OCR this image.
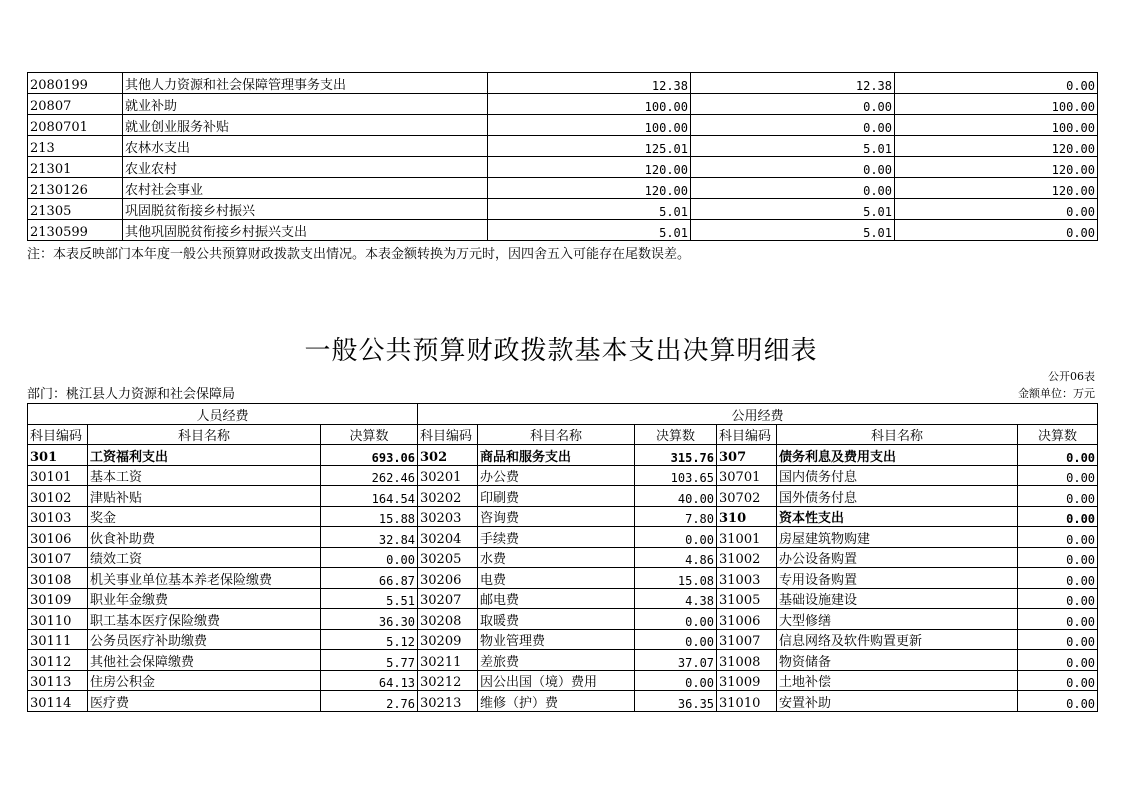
2080199	其他人力资源和社会保障管理事务支出	12.38	12.38	0.00
20807	就业补助	100.00	0.00	100.00
2080701	就业创业服务补贴	100.00	0.00	100.00
213	农林水支出	125.01	5.01	120.00
21301	农业农村	120.00	0.00	120.00
2130126	农村社会事业	120.00	0.00	120.00
21305	巩固脱贫衔接乡村振兴	5.01	5.01	0.00
2130599	其他巩固脱贫衔接乡村振兴支出	5.01	5.01	0.00
注：本表反映部门本年度一般公共预算财政拨款支出情况。本表金额转换为万元时，因四舍五入可能存在尾数误差。
一般公共预算财政拨款基本支出决算明细表
公开06表
部门：桃江县人力资源和社会保障局	金额单位：万元
人员经费			公用经费					
科目编码	科目名称	决算数	科目编码	科目名称	决算数	科目编码	科目名称	决算数
301	工资福利支出	693.06	302	商品和服务支出	315.76	307	债务利息及费用支出	0.00
30101	基本工资	262.46	30201	办公费	103.65	30701	国内债务付息	0.00
30102	津贴补贴	164.54	30202	印刷费	40.00	30702	国外债务付息	0.00
30103	奖金	15.88	30203	咨询费	7.80	310	资本性支出	0.00
30106	伙食补助费	32.84	30204	手续费	0.00	31001	房屋建筑物购建	0.00
30107	绩效工资	0.00	30205	水费	4.86	31002	办公设备购置	0.00
30108	机关事业单位基本养老保险缴费	66.87	30206	电费	15.08	31003	专用设备购置	0.00
30109	职业年金缴费	5.51	30207	邮电费	4.38	31005	基础设施建设	0.00
30110	职工基本医疗保险缴费	36.30	30208	取暖费	0.00	31006	大型修缮	0.00
30111	公务员医疗补助缴费	5.12	30209	物业管理费	0.00	31007	信息网络及软件购置更新	0.00
30112	其他社会保障缴费	5.77	30211	差旅费	37.07	31008	物资储备	0.00
30113	住房公积金	64.13	30212	因公出国（境）费用	0.00	31009	土地补偿	0.00
30114	医疗费	2.76	30213	维修（护）费	36.35	31010	安置补助	0.00
